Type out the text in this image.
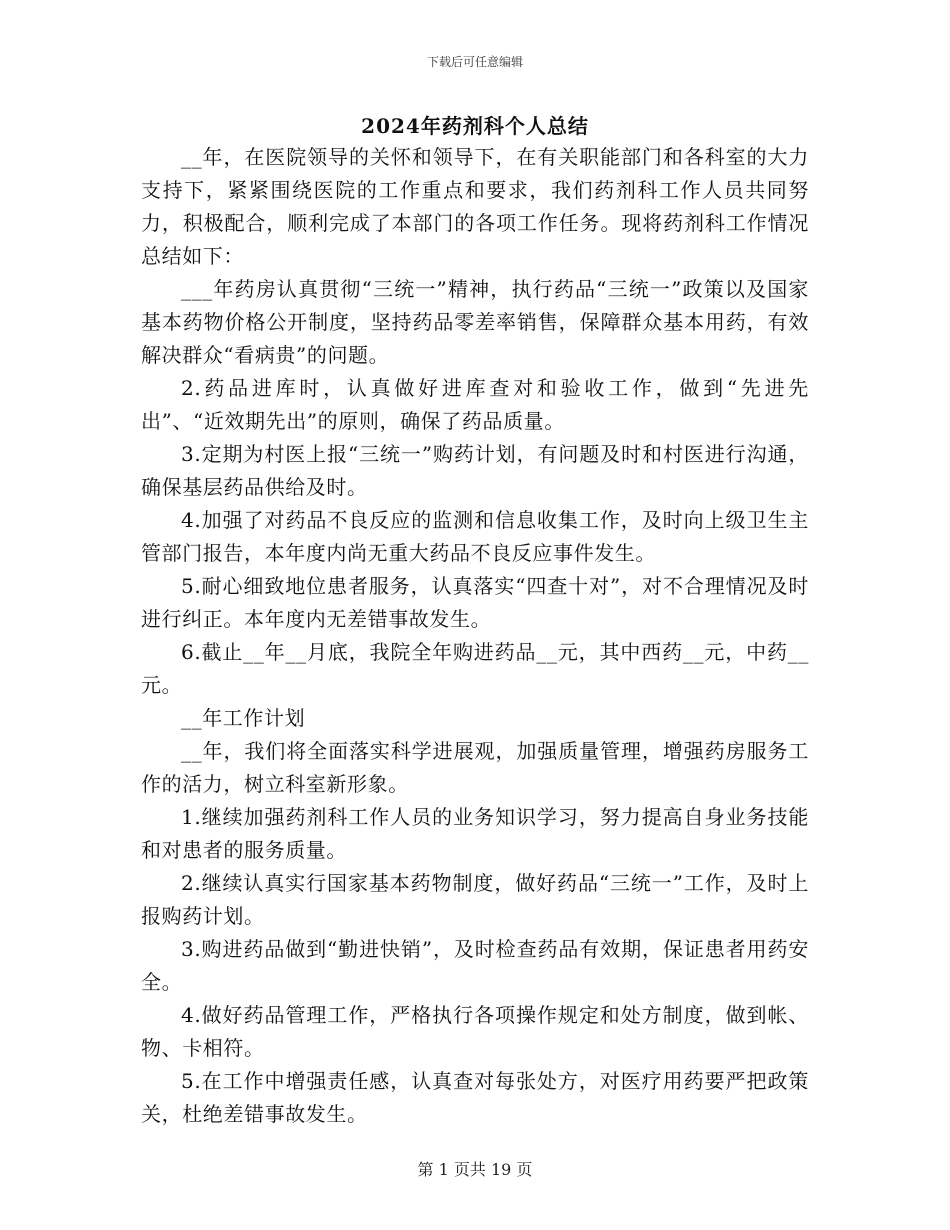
下载后可任意编辑
2024年药剂科个人总结

__年，在医院领导的关怀和领导下，在有关职能部门和各科室的大力支持下，紧紧围绕医院的工作重点和要求，我们药剂科工作人员共同努力，积极配合，顺利完成了本部门的各项工作任务。现将药剂科工作情况总结如下：

___年药房认真贯彻“三统一”精神，执行药品“三统一”政策以及国家基本药物价格公开制度，坚持药品零差率销售，保障群众基本用药，有效解决群众“看病贵”的问题。

2.药品进库时，认真做好进库查对和验收工作，做到“先进先出”、“近效期先出”的原则，确保了药品质量。

3.定期为村医上报“三统一”购药计划，有问题及时和村医进行沟通，确保基层药品供给及时。

4.加强了对药品不良反应的监测和信息收集工作，及时向上级卫生主管部门报告，本年度内尚无重大药品不良反应事件发生。

5.耐心细致地位患者服务，认真落实“四查十对”，对不合理情况及时进行纠正。本年度内无差错事故发生。

6.截止__年__月底，我院全年购进药品__元，其中西药__元，中药__元。

__年工作计划

__年，我们将全面落实科学进展观，加强质量管理，增强药房服务工作的活力，树立科室新形象。

1.继续加强药剂科工作人员的业务知识学习，努力提高自身业务技能和对患者的服务质量。

2.继续认真实行国家基本药物制度，做好药品“三统一”工作，及时上报购药计划。

3.购进药品做到“勤进快销”，及时检查药品有效期，保证患者用药安全。

4.做好药品管理工作，严格执行各项操作规定和处方制度，做到帐、物、卡相符。

5.在工作中增强责任感，认真查对每张处方，对医疗用药要严把政策关，杜绝差错事故发生。

第 1 页共 19 页
